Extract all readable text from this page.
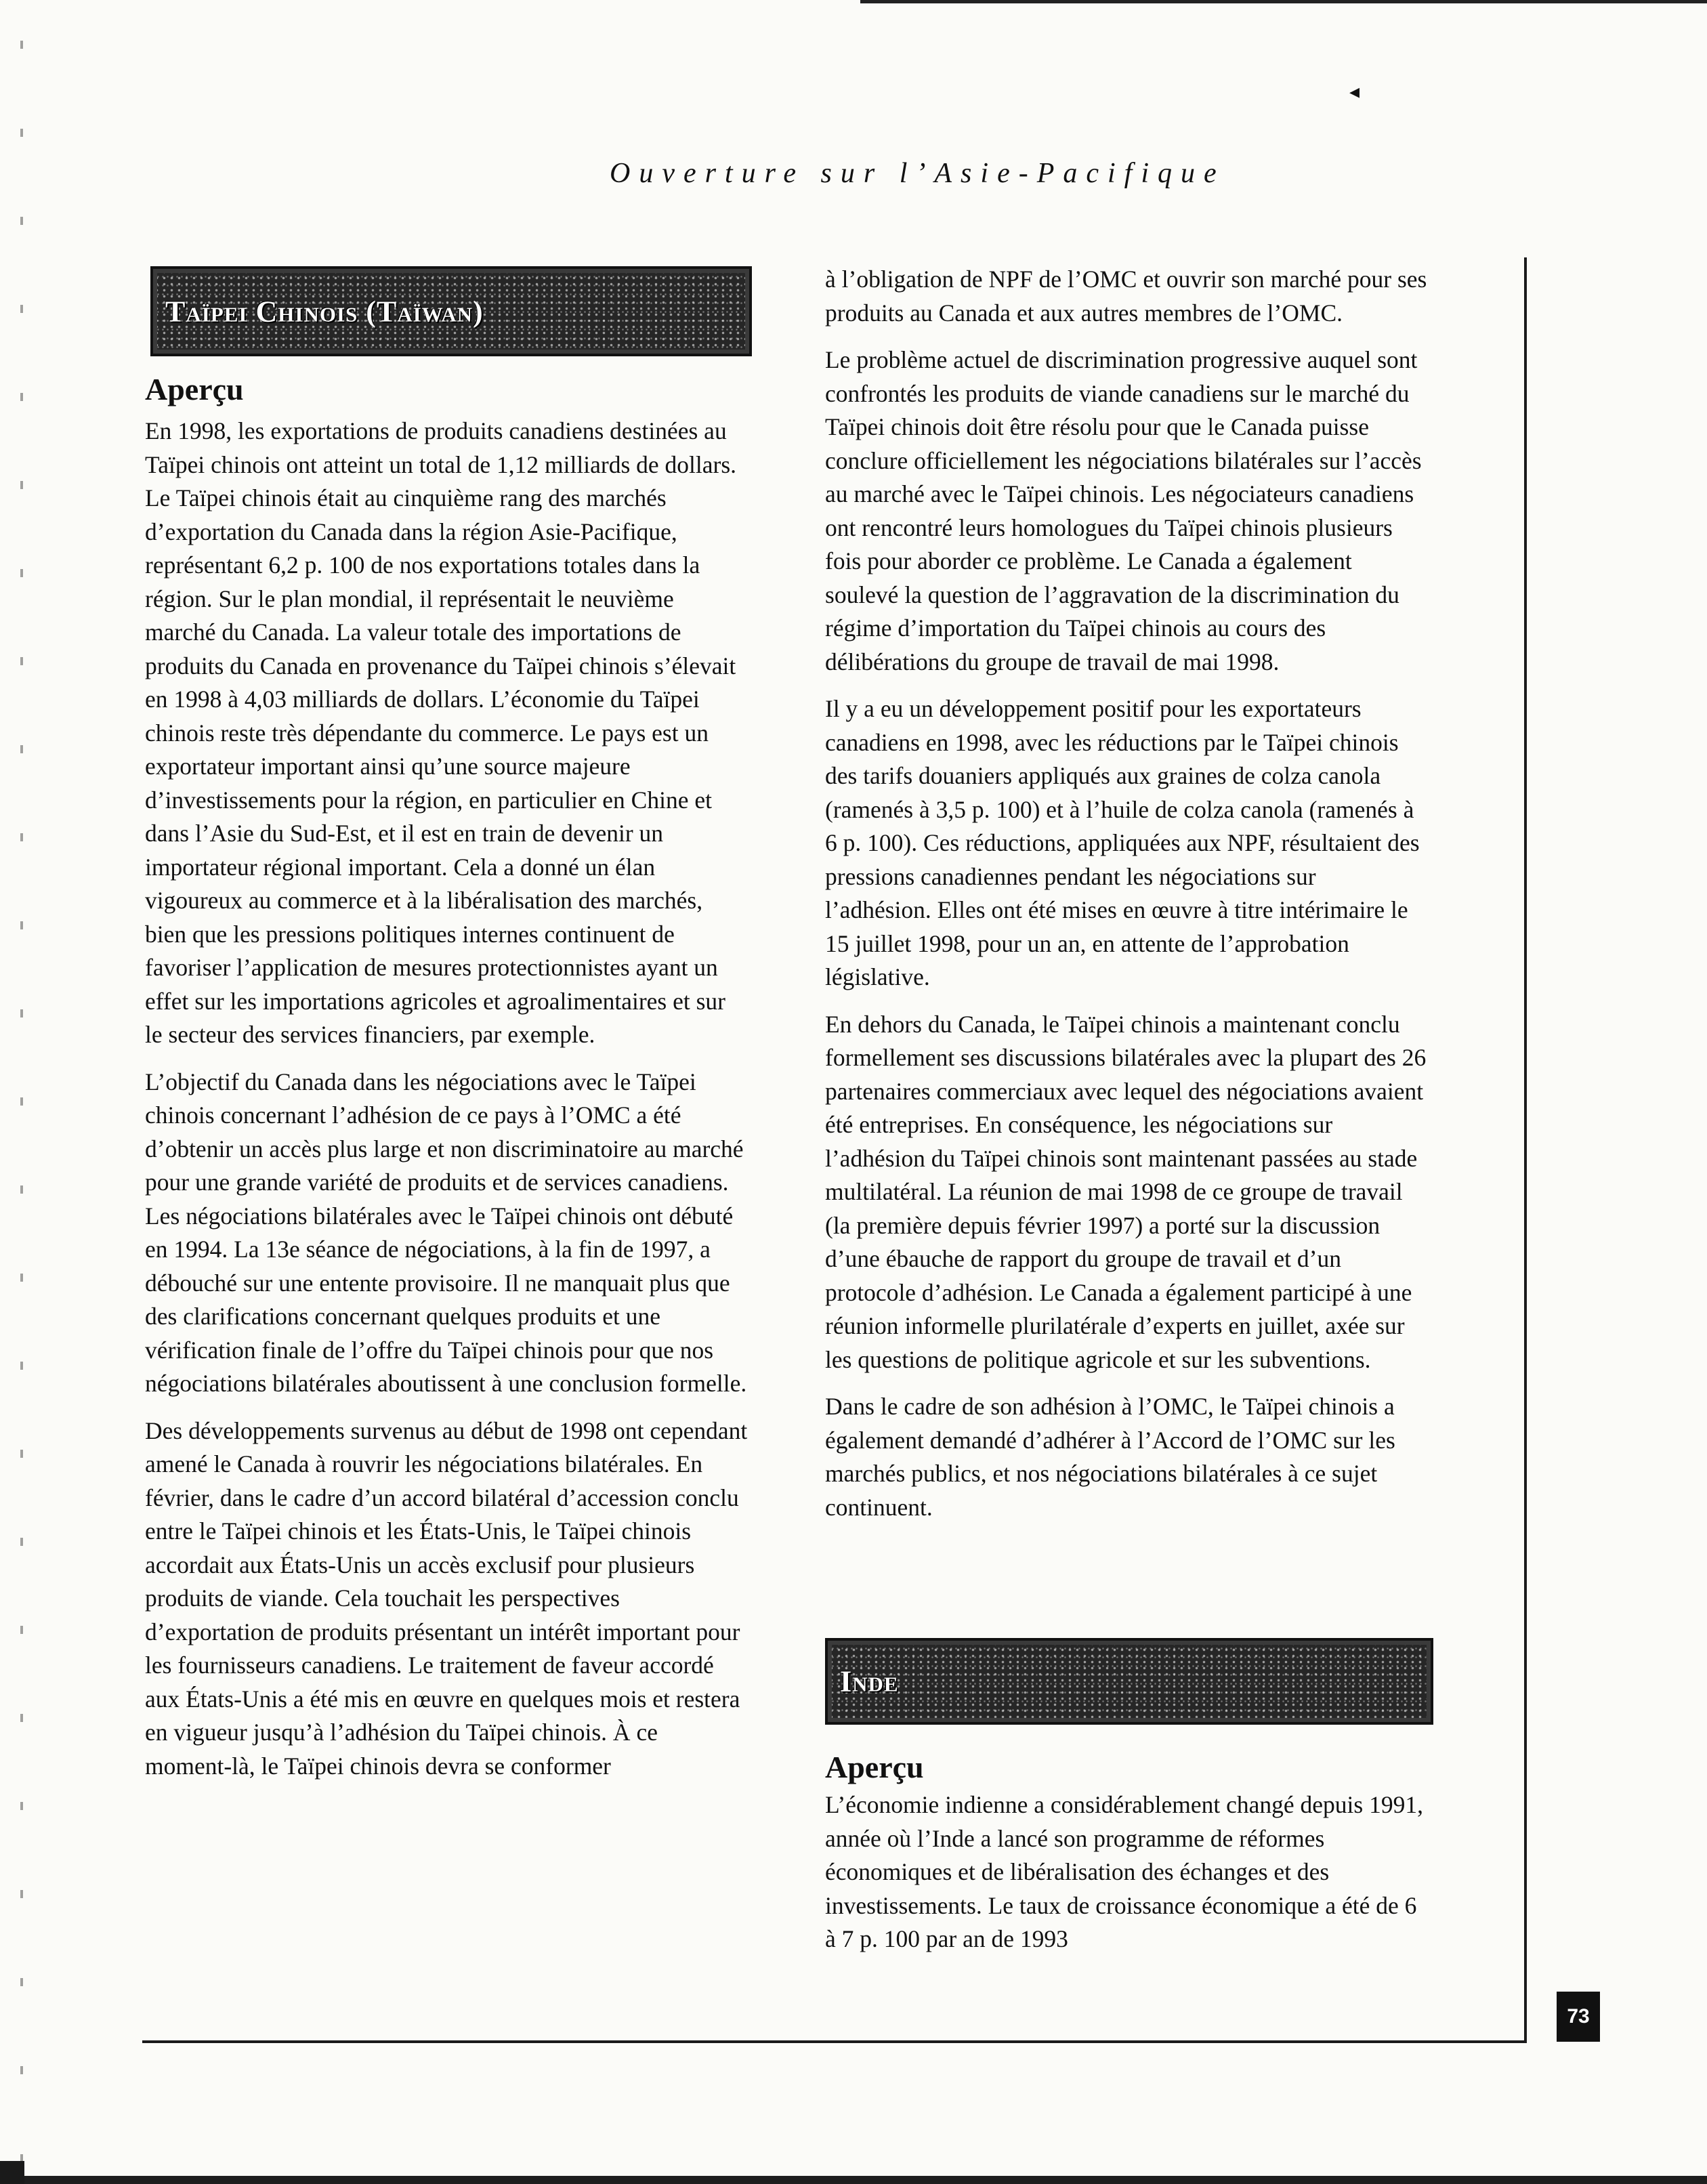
◂
Ouverture sur l’Asie-Pacifique
Taïpei Chinois (Taïwan)
Aperçu

En 1998, les exportations de produits canadiens destinées au Taïpei chinois ont atteint un total de 1,12 milliards de dollars. Le Taïpei chinois était au cinquième rang des marchés d’exportation du Canada dans la région Asie-Pacifique, représentant 6,2 p. 100 de nos exportations totales dans la région. Sur le plan mondial, il représentait le neuvième marché du Canada. La valeur totale des importations de produits du Canada en provenance du Taïpei chinois s’élevait en 1998 à 4,03 milliards de dollars. L’économie du Taïpei chinois reste très dépendante du commerce. Le pays est un exportateur important ainsi qu’une source majeure d’investissements pour la région, en particulier en Chine et dans l’Asie du Sud-Est, et il est en train de devenir un importateur régional important. Cela a donné un élan vigoureux au commerce et à la libéralisation des marchés, bien que les pressions politiques internes continuent de favoriser l’application de mesures protectionnistes ayant un effet sur les importations agricoles et agroalimentaires et sur le secteur des services financiers, par exemple.

L’objectif du Canada dans les négociations avec le Taïpei chinois concernant l’adhésion de ce pays à l’OMC a été d’obtenir un accès plus large et non discriminatoire au marché pour une grande variété de produits et de services canadiens. Les négociations bilatérales avec le Taïpei chinois ont débuté en 1994. La 13e séance de négociations, à la fin de 1997, a débouché sur une entente provisoire. Il ne manquait plus que des clarifications concernant quelques produits et une vérification finale de l’offre du Taïpei chinois pour que nos négociations bilatérales aboutissent à une conclusion formelle.

Des développements survenus au début de 1998 ont cependant amené le Canada à rouvrir les négociations bilatérales. En février, dans le cadre d’un accord bilatéral d’accession conclu entre le Taïpei chinois et les États-Unis, le Taïpei chinois accordait aux États-Unis un accès exclusif pour plusieurs produits de viande. Cela touchait les perspectives d’exportation de produits présentant un intérêt important pour les fournisseurs canadiens. Le traitement de faveur accordé aux États-Unis a été mis en œuvre en quelques mois et restera en vigueur jusqu’à l’adhésion du Taïpei chinois. À ce moment-là, le Taïpei chinois devra se conformer

à l’obligation de NPF de l’OMC et ouvrir son marché pour ses produits au Canada et aux autres membres de l’OMC.

Le problème actuel de discrimination progressive auquel sont confrontés les produits de viande canadiens sur le marché du Taïpei chinois doit être résolu pour que le Canada puisse conclure officiellement les négociations bilatérales sur l’accès au marché avec le Taïpei chinois. Les négociateurs canadiens ont rencontré leurs homologues du Taïpei chinois plusieurs fois pour aborder ce problème. Le Canada a également soulevé la question de l’aggravation de la discrimination du régime d’importation du Taïpei chinois au cours des délibérations du groupe de travail de mai 1998.

Il y a eu un développement positif pour les exportateurs canadiens en 1998, avec les réductions par le Taïpei chinois des tarifs douaniers appliqués aux graines de colza canola (ramenés à 3,5 p. 100) et à l’huile de colza canola (ramenés à 6 p. 100). Ces réductions, appliquées aux NPF, résultaient des pressions canadiennes pendant les négociations sur l’adhésion. Elles ont été mises en œuvre à titre intérimaire le 15 juillet 1998, pour un an, en attente de l’approbation législative.

En dehors du Canada, le Taïpei chinois a maintenant conclu formellement ses discussions bilatérales avec la plupart des 26 partenaires commerciaux avec lequel des négociations avaient été entreprises. En conséquence, les négociations sur l’adhésion du Taïpei chinois sont maintenant passées au stade multilatéral. La réunion de mai 1998 de ce groupe de travail (la première depuis février 1997) a porté sur la discussion d’une ébauche de rapport du groupe de travail et d’un protocole d’adhésion. Le Canada a également participé à une réunion informelle plurilatérale d’experts en juillet, axée sur les questions de politique agricole et sur les subventions.

Dans le cadre de son adhésion à l’OMC, le Taïpei chinois a également demandé d’adhérer à l’Accord de l’OMC sur les marchés publics, et nos négociations bilatérales à ce sujet continuent.

Inde
Aperçu

L’économie indienne a considérablement changé depuis 1991, année où l’Inde a lancé son programme de réformes économiques et de libéralisation des échanges et des investissements. Le taux de croissance économique a été de 6 à 7 p. 100 par an de 1993

73
